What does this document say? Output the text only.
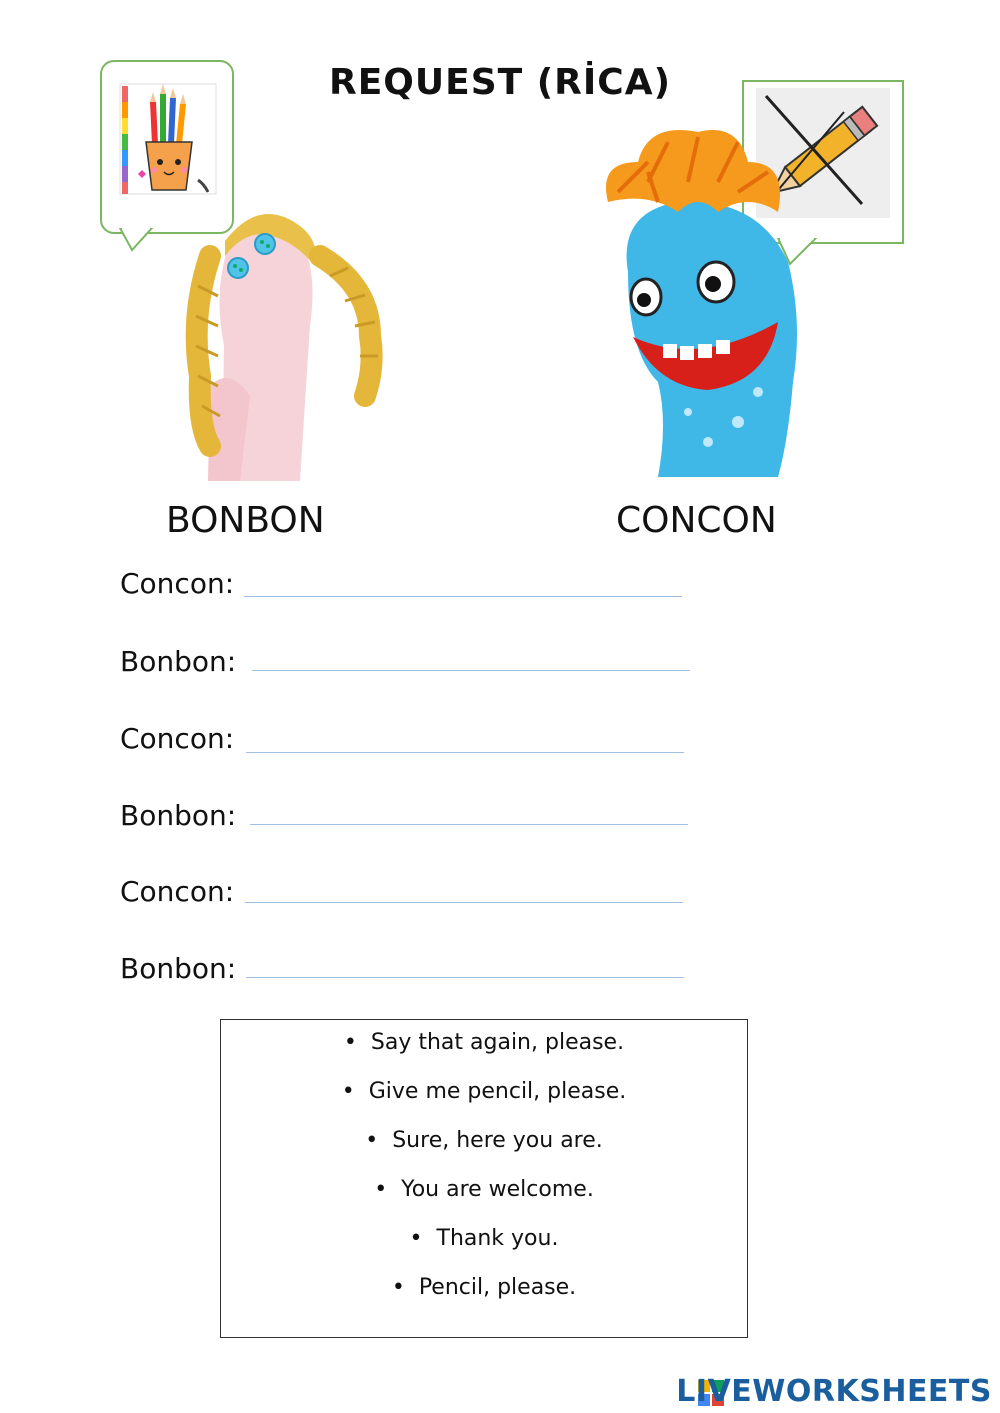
REQUEST (RİCA)
BONBON	CONCON
Concon:
Bonbon:
Concon:
Bonbon:
Concon:
Bonbon:
• Say that again, please.
• Give me pencil, please.
• Sure, here you are.
• You are welcome.
• Thank you.
• Pencil, please.
LIVEWORKSHEETS
